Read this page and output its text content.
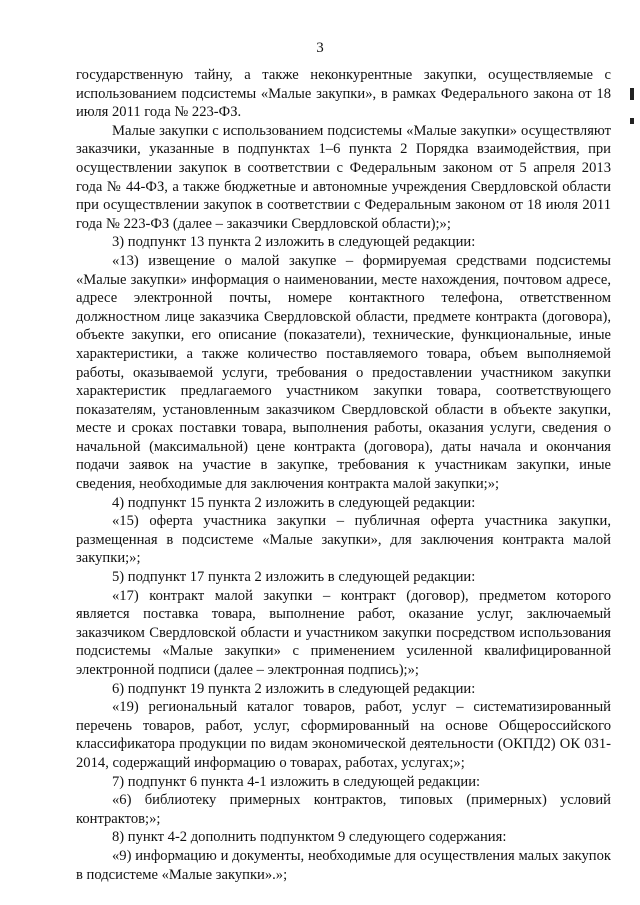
3

государственную тайну, а также неконкурентные закупки, осуществляемые с использованием подсистемы «Малые закупки», в рамках Федерального закона от 18 июля 2011 года № 223-ФЗ.

Малые закупки с использованием подсистемы «Малые закупки» осуществляют заказчики, указанные в подпунктах 1–6 пункта 2 Порядка взаимодействия, при осуществлении закупок в соответствии с Федеральным законом от 5 апреля 2013 года № 44-ФЗ, а также бюджетные и автономные учреждения Свердловской области при осуществлении закупок в соответствии с Федеральным законом от 18 июля 2011 года № 223-ФЗ (далее – заказчики Свердловской области);»;

3) подпункт 13 пункта 2 изложить в следующей редакции:

«13) извещение о малой закупке – формируемая средствами подсистемы «Малые закупки» информация о наименовании, месте нахождения, почтовом адресе, адресе электронной почты, номере контактного телефона, ответственном должностном лице заказчика Свердловской области, предмете контракта (договора), объекте закупки, его описание (показатели), технические, функциональные, иные характеристики, а также количество поставляемого товара, объем выполняемой работы, оказываемой услуги, требования о предоставлении участником закупки характеристик предлагаемого участником закупки товара, соответствующего показателям, установленным заказчиком Свердловской области в объекте закупки, месте и сроках поставки товара, выполнения работы, оказания услуги, сведения о начальной (максимальной) цене контракта (договора), даты начала и окончания подачи заявок на участие в закупке, требования к участникам закупки, иные сведения, необходимые для заключения контракта малой закупки;»;

4) подпункт 15 пункта 2 изложить в следующей редакции:

«15) оферта участника закупки – публичная оферта участника закупки, размещенная в подсистеме «Малые закупки», для заключения контракта малой закупки;»;

5) подпункт 17 пункта 2 изложить в следующей редакции:

«17) контракт малой закупки – контракт (договор), предметом которого является поставка товара, выполнение работ, оказание услуг, заключаемый заказчиком Свердловской области и участником закупки посредством использования подсистемы «Малые закупки» с применением усиленной квалифицированной электронной подписи (далее – электронная подпись);»;

6) подпункт 19 пункта 2 изложить в следующей редакции:

«19) региональный каталог товаров, работ, услуг – систематизированный перечень товаров, работ, услуг, сформированный на основе Общероссийского классификатора продукции по видам экономической деятельности (ОКПД2) ОК 031-2014, содержащий информацию о товарах, работах, услугах;»;

7) подпункт 6 пункта 4-1 изложить в следующей редакции:

«6) библиотеку примерных контрактов, типовых (примерных) условий контрактов;»;

8) пункт 4-2 дополнить подпунктом 9 следующего содержания:

«9) информацию и документы, необходимые для осуществления малых закупок в подсистеме «Малые закупки».»;
